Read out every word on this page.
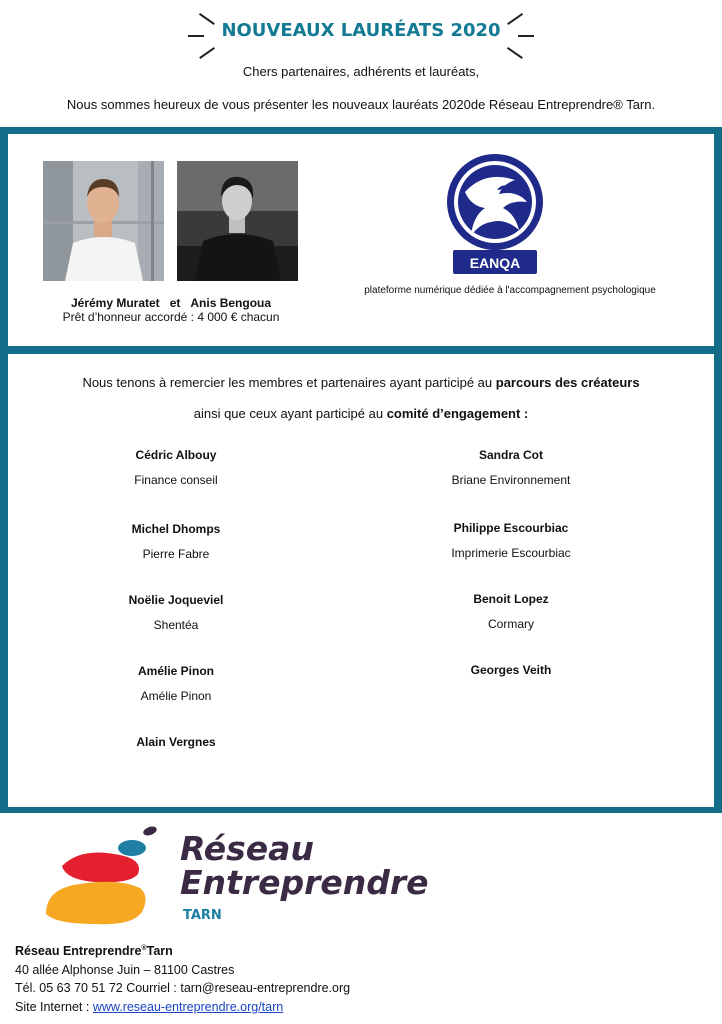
NOUVEAUX LAURÉATS 2020
Chers partenaires, adhérents et lauréats,
Nous sommes heureux de vous présenter les nouveaux lauréats 2020de Réseau Entreprendre® Tarn.
Jérémy Muratet et Anis Bengoua
Prêt d’honneur accordé : 4 000 € chacun
EANQA
plateforme numérique dédiée à l'accompagnement psychologique
Nous tenons à remercier les membres et partenaires ayant participé au parcours des créateurs
ainsi que ceux ayant participé au comité d’engagement :
Cédric Albouy
Finance conseil
Michel Dhomps
Pierre Fabre
Noëlie Joqueviel
Shentéa
Amélie Pinon
Amélie Pinon
Alain Vergnes
Sandra Cot
Briane Environnement
Philippe Escourbiac
Imprimerie Escourbiac
Benoit Lopez
Cormary
Georges Veith
Réseau
Entreprendre
TARN
Réseau Entreprendre®Tarn
40 allée Alphonse Juin – 81100 Castres
Tél. 05 63 70 51 72 Courriel : tarn@reseau-entreprendre.org
Site Internet : www.reseau-entreprendre.org/tarn
